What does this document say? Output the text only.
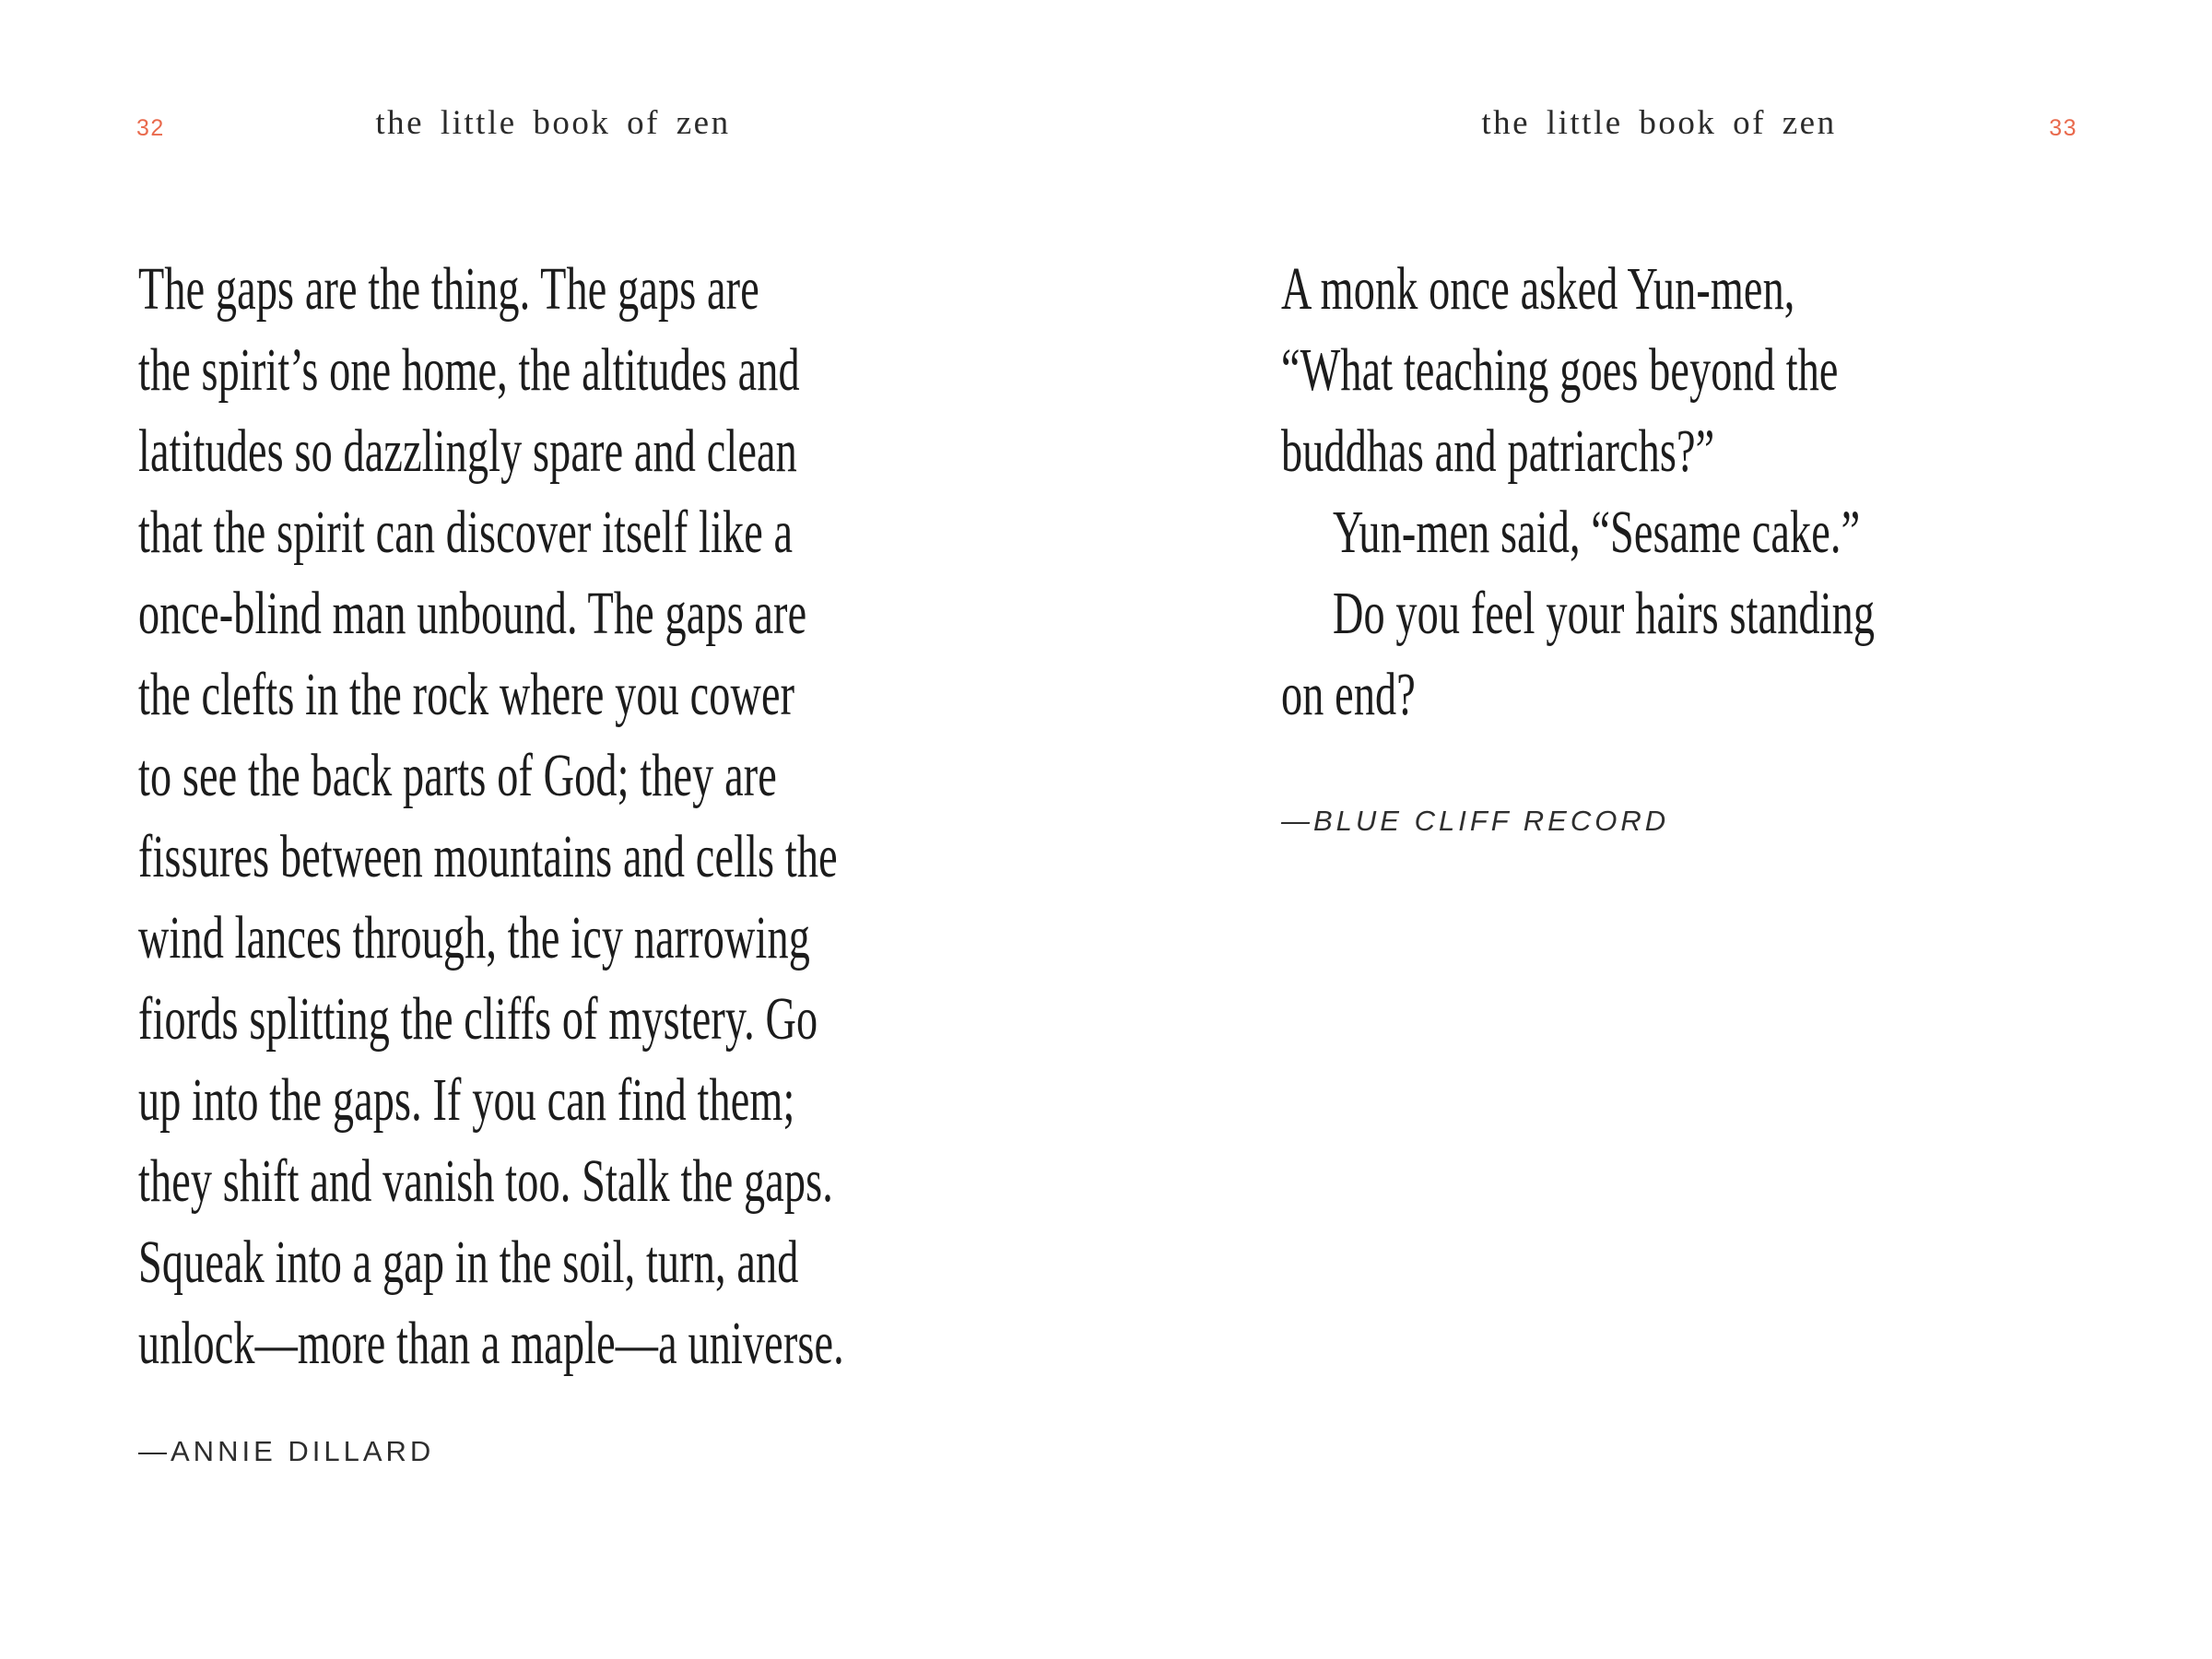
32	the little book of zen
The gaps are the thing. The gaps are
the spirit’s one home, the altitudes and
latitudes so dazzlingly spare and clean
that the spirit can discover itself like a
once-blind man unbound. The gaps are
the clefts in the rock where you cower
to see the back parts of God; they are
fissures between mountains and cells the
wind lances through, the icy narrowing
fiords splitting the cliffs of mystery. Go
up into the gaps. If you can find them;
they shift and vanish too. Stalk the gaps.
Squeak into a gap in the soil, turn, and
unlock—more than a maple—a universe.
—ANNIE DILLARD
33
the little book of zen
A monk once asked Yun-men,
“What teaching goes beyond the
buddhas and patriarchs?”
Yun-men said, “Sesame cake.”
Do you feel your hairs standing
on end?
—BLUE CLIFF RECORD
